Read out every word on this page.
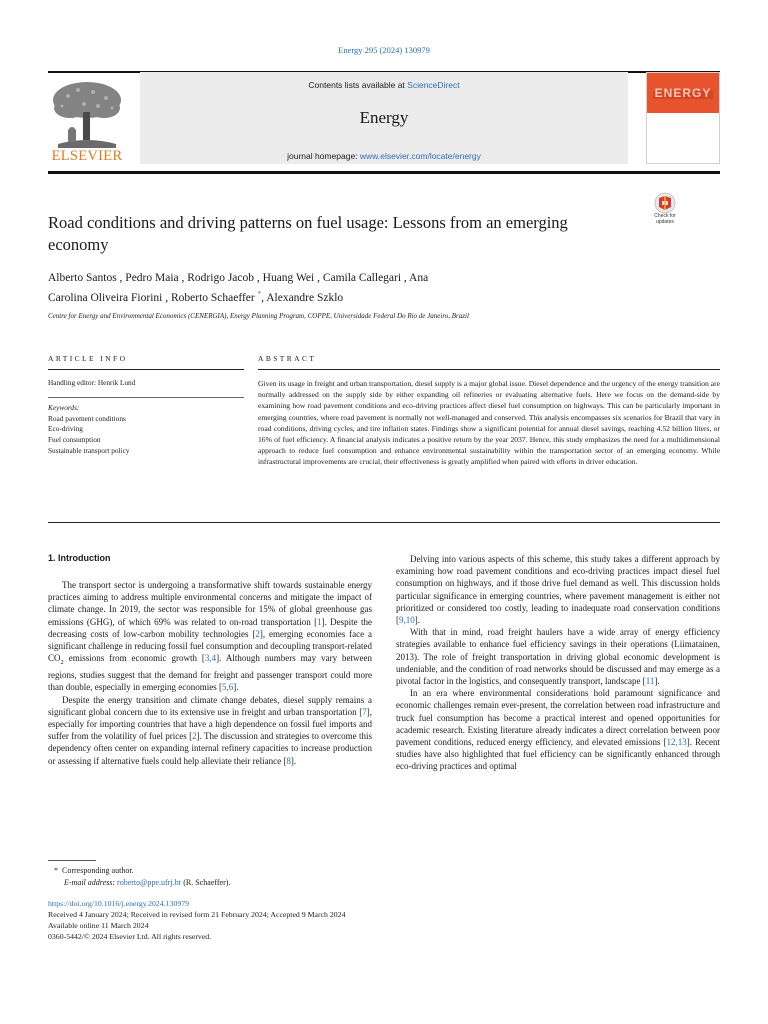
Energy 295 (2024) 130979
Contents lists available at ScienceDirect
Energy
journal homepage: www.elsevier.com/locate/energy
ELSEVIER
ENERGY
Road conditions and driving patterns on fuel usage: Lessons from an emerging economy
Check for updates
Alberto Santos , Pedro Maia , Rodrigo Jacob , Huang Wei , Camila Callegari , Ana
Carolina Oliveira Fiorini , Roberto Schaeffer *, Alexandre Szklo
Centre for Energy and Environmental Economics (CENERGIA), Energy Planning Program, COPPE, Universidade Federal Do Rio de Janeiro, Brazil
ARTICLE INFO	ABSTRACT
Handling editor: Henrik Lund
Keywords:
Road pavement conditions
Eco-driving
Fuel consumption
Sustainable transport policy
Given its usage in freight and urban transportation, diesel supply is a major global issue. Diesel dependence and the urgency of the energy transition are normally addressed on the supply side by either expanding oil refineries or evaluating alternative fuels. Here we focus on the demand-side by examining how road pavement conditions and eco-driving practices affect diesel fuel consumption on highways. This can be particularly important in emerging countries, where road pavement is normally not well-managed and conserved. This analysis encompasses six scenarios for Brazil that vary in road conditions, driving cycles, and tire inflation states. Findings show a significant potential for annual diesel savings, reaching 4.52 billion liters, or 16% of fuel efficiency. A financial analysis indicates a positive return by the year 2037. Hence, this study emphasizes the need for a multidimensional approach to reduce fuel consumption and enhance environmental sustainability within the transportation sector of an emerging economy. While infrastructural improvements are crucial, their effectiveness is greatly amplified when paired with efforts in driver education.
1. Introduction

The transport sector is undergoing a transformative shift towards sustainable energy practices aiming to address multiple environmental concerns and mitigate the impact of climate change. In 2019, the sector was responsible for 15% of global greenhouse gas emissions (GHG), of which 69% was related to on-road transportation [1]. Despite the decreasing costs of low-carbon mobility technologies [2], emerging economies face a significant challenge in reducing fossil fuel consumption and decoupling transport-related $CO_2$ emissions from economic growth [3,4]. Although numbers may vary between regions, studies suggest that the demand for freight and passenger transport could more than double, especially in emerging economies [5,6].

Despite the energy transition and climate change debates, diesel supply remains a significant global concern due to its extensive use in freight and urban transportation [7], especially for importing countries that have a high dependence on fossil fuel imports and suffer from the volatility of fuel prices [2]. The discussion and strategies to overcome this dependency often center on expanding internal refinery capacities to increase production or assessing if alternative fuels could help alleviate their reliance [8].

Delving into various aspects of this scheme, this study takes a different approach by examining how road pavement conditions and eco-driving practices impact diesel fuel consumption on highways, and if those drive fuel demand as well. This discussion holds particular significance in emerging countries, where pavement management is either not prioritized or considered too costly, leading to inadequate road conservation conditions [9,10].

With that in mind, road freight haulers have a wide array of energy efficiency strategies available to enhance fuel efficiency savings in their operations (Liimatainen, 2013). The role of freight transportation in driving global economic development is undeniable, and the condition of road networks should be discussed and may emerge as a pivotal factor in the logistics, and consequently transport, landscape [11].

In an era where environmental considerations hold paramount significance and economic challenges remain ever-present, the correlation between road infrastructure and truck fuel consumption has become a practical interest and opened opportunities for academic research. Existing literature already indicates a direct correlation between poor pavement conditions, reduced energy efficiency, and elevated emissions [12,13]. Recent studies have also highlighted that fuel efficiency can be significantly enhanced through eco-driving practices and optimal

* Corresponding author.
E-mail address: roberto@ppe.ufrj.br (R. Schaeffer).
https://doi.org/10.1016/j.energy.2024.130979
Received 4 January 2024; Received in revised form 21 February 2024; Accepted 9 March 2024
Available online 11 March 2024
0360-5442/© 2024 Elsevier Ltd. All rights reserved.
